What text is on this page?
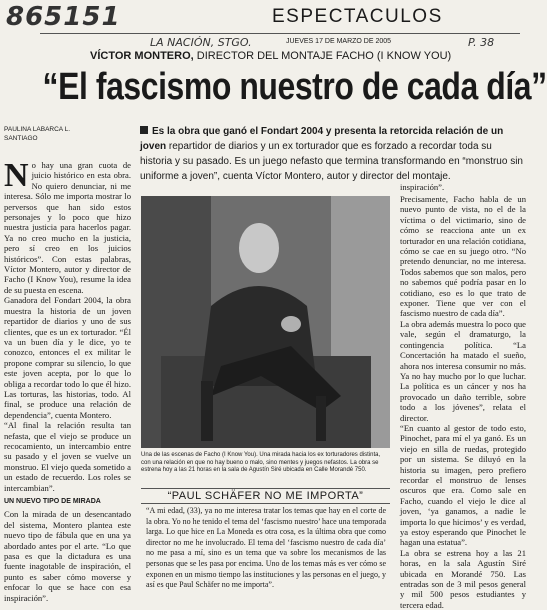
865151
LA NACIÓN, STGO.	P. 38
ESPECTACULOS
JUEVES 17 DE MARZO DE 2005
VÍCTOR MONTERO, DIRECTOR DEL MONTAJE FACHO (I KNOW YOU)
“El fascismo nuestro de cada día”
PAULINA LABARCA L.
SANTIAGO
Es la obra que ganó el Fondart 2004 y presenta la retorcida relación de un joven repartidor de diarios y un ex torturador que es forzado a recordar toda su historia y su pasado. Es un juego nefasto que termina transformando en “monstruo sin uniforme a joven”, cuenta Víctor Montero, autor y director del montaje.
N o hay una gran cuota de juicio histórico en esta obra. No quiero denunciar, ni me interesa. Sólo me importa mostrar lo perversos que han sido estos personajes y lo poco que hizo nuestra justicia para hacerlos pagar. Ya no creo mucho en la justicia, pero sí creo en los juicios históricos”. Con estas palabras, Víctor Montero, autor y director de Facho (I Know You), resume la idea de su puesta en escena.

Ganadora del Fondart 2004, la obra muestra la historia de un joven repartidor de diarios y uno de sus clientes, que es un ex torturador. “Él va un buen día y le dice, yo te conozco, entonces el ex militar le propone comprar su silencio, lo que este joven acepta, por lo que lo obliga a recordar todo lo que él hizo. Las torturas, las historias, todo. Al final, se produce una relación de dependencia”, cuenta Montero.

“Al final la relación resulta tan nefasta, que el viejo se produce un recocamiento, un intercambio entre su pasado y el joven se vuelve un monstruo. El viejo queda sometido a un estado de recuerdo. Los roles se intercambian”.

UN NUEVO TIPO DE MIRADA

Con la mirada de un desencantado del sistema, Montero plantea este nuevo tipo de fábula que en una ya abordado antes por el arte. “Lo que pasa es que la dictadura es una fuente inagotable de inspiración, el punto es saber cómo moverse y enfocar lo que se hace con esa inspiración”.

Una de las escenas de Facho (I Know You). Una mirada hacia los ex torturadores distinta, con una relación en que no hay bueno o malo, sino mentes y juegos nefastos. La obra se estrena hoy a las 21 horas en la sala de Agustín Siré ubicada en Calle Morandé 750.
“PAUL SCHÄFER NO ME IMPORTA”
“A mi edad, (33), ya no me interesa tratar los temas que hay en el corte de la obra. Yo no he tenido el tema del ‘fascismo nuestro’ hace una temporada larga. Lo que hice en La Moneda es otra cosa, es la última obra que como director no me he involucrado. El tema del ‘fascismo nuestro de cada día’ no me pasa a mí, sino es un tema que va sobre los mecanismos de las personas que se les pasa por encima. Uno de los temas más es ver cómo se exponen en un mismo tiempo las instituciones y las personas en el juego, y así es que Paul Schäfer no me importa”.

inspiración”.

Precisamente, Facho habla de un nuevo punto de vista, no el de la víctima o del victimario, sino de cómo se reacciona ante un ex torturador en una relación cotidiana, cómo se cae en su juego otro. “No pretendo denunciar, no me interesa. Todos sabemos que son malos, pero no sabemos qué podría pasar en lo cotidiano, eso es lo que trato de exponer. Tiene que ver con el fascismo nuestro de cada día”.

La obra además muestra lo poco que vale, según el dramaturgo, la contingencia política. “La Concertación ha matado el sueño, ahora nos interesa consumir no más. Ya no hay mucho por lo que luchar. La política es un cáncer y nos ha provocado un daño terrible, sobre todo a los jóvenes”, relata el director.

“En cuanto al gestor de todo esto, Pinochet, para mí el ya ganó. Es un viejo en silla de ruedas, protegido por un sistema. Se diluyó en la historia su imagen, pero prefiero recordar el monstruo de lenses oscuros que era. Como sale en Facho, cuando el viejo le dice al joven, ‘ya ganamos, a nadie le importa lo que hicimos’ y es verdad, ya estoy esperando que Pinochet le hagan una estatua”.

La obra se estrena hoy a las 21 horas, en la sala Agustín Siré ubicada en Morandé 750. Las entradas son de 3 mil pesos general y mil 500 pesos estudiantes y tercera edad.
